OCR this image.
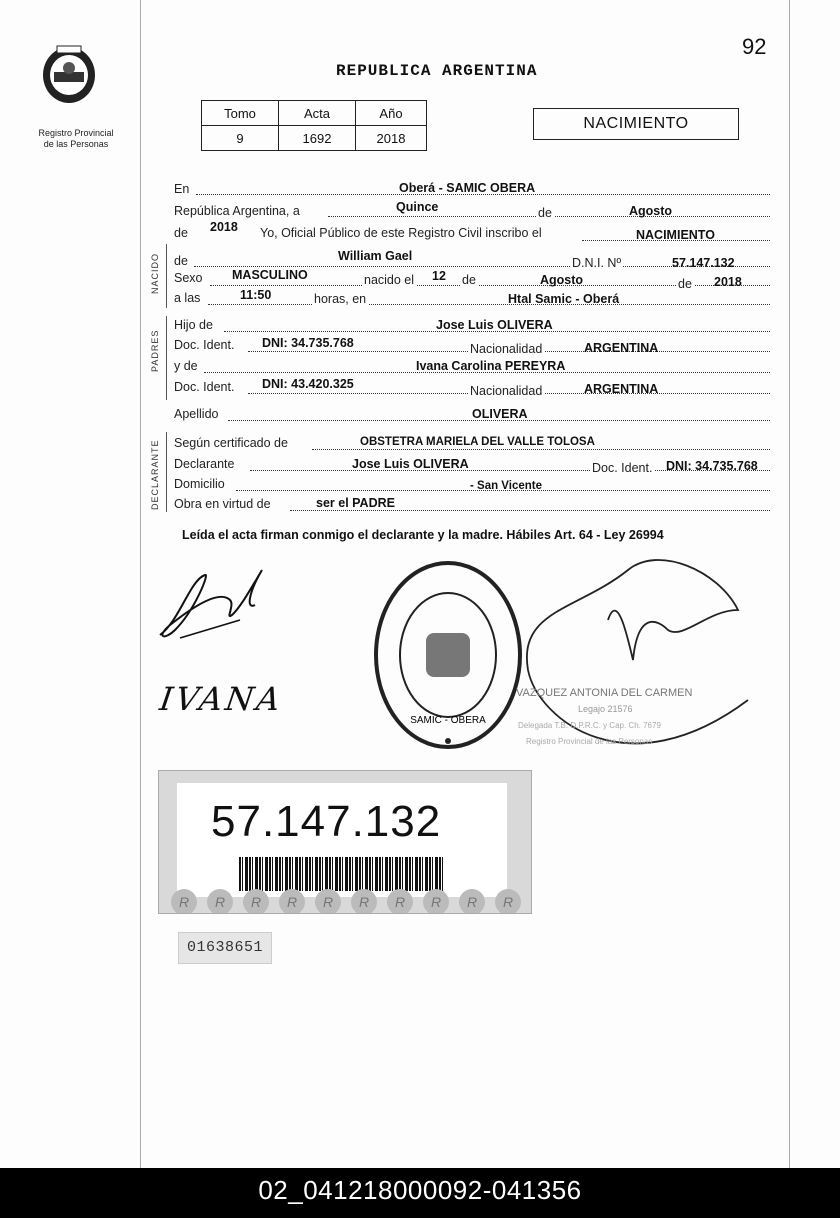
92
Registro Provincial
de las Personas
REPUBLICA ARGENTINA
Tomo	Acta	Año
9	1692	2018
NACIMIENTO
En	Oberá - SAMIC OBERA
República Argentina, a	Quince	de	Agosto
de 2018 Yo, Oficial Público de este Registro Civil inscribo el	NACIMIENTO
NACIDO de	William Gael	D.N.I. Nº	57.147.132
Sexo MASCULINO	nacido el 12 de	Agosto	de 2018
a las	11:50	horas, en	Htal Samic - Oberá
PADRES
Hijo de	Jose Luis OLIVERA
Doc. Ident. DNI: 34.735.768	Nacionalidad	ARGENTINA
y de	Ivana Carolina PEREYRA
Doc. Ident. DNI: 43.420.325	Nacionalidad	ARGENTINA
Apellido	OLIVERA
DECLARANTE Según certificado de	OBSTETRA MARIELA DEL VALLE TOLOSA
Declarante	Jose Luis OLIVERA	Doc. Ident. DNI: 34.735.768
Domicilio	- San Vicente
Obra en virtud de	ser el PADRE
Leída el acta firman conmigo el declarante y la madre. Hábiles Art. 64 - Ley 26994
IVANA
SAMIC - OBERA
VAZQUEZ ANTONIA DEL CARMEN
Legajo 21576
Delegada T.B. D.P.R.C. y Cap. Ch. 7679
Registro Provincial de las Personas
57.147.132
R	R	R	R	R	R	R	R	R	R
01638651
02_041218000092-041356
